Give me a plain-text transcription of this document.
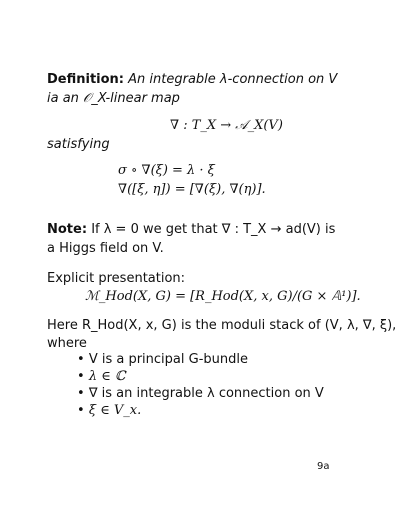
Definition: An integrable λ-connection on V
ia an 𝒪_X-linear map
∇ : T_X → 𝒜_X(V)
satisfying
σ ∘ ∇(ξ) = λ · ξ
∇([ξ, η]) = [∇(ξ), ∇(η)].
Note: If λ = 0 we get that ∇ : T_X → ad(V) is
a Higgs field on V.
Explicit presentation:
ℳ_Hod(X, G) = [R_Hod(X, x, G)/(G × 𝔸¹)].
Here R_Hod(X, x, G) is the moduli stack of (V, λ, ∇, ξ),
where
• V is a principal G-bundle
• λ ∈ ℂ
• ∇ is an integrable λ connection on V
• ξ ∈ V_x.
9a
